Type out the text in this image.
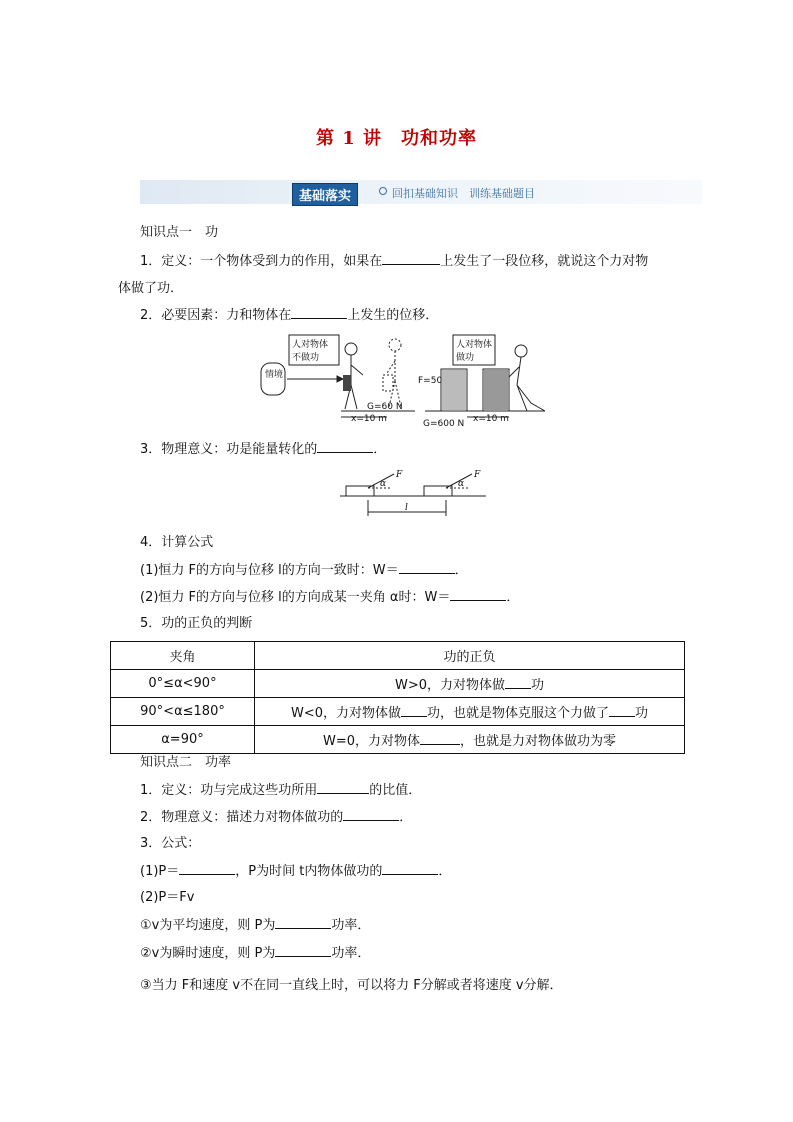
第 1 讲　功和功率
基础落实	回扣基础知识　训练基础题目
知识点一　功
1．定义：一个物体受到力的作用，如果在	上发生了一段位移，就说这个力对物
体做了功．
2．必要因素：力和物体在	上发生的位移．
情境
人对物体
不做功
人对物体
做功
G=60 N
x=10 m
F=50
G=600 N x=10 m
3．物理意义：功是能量转化的	．
F	F
α	α
l
4．计算公式
(1)恒力 F的方向与位移 l的方向一致时：W＝	．
(2)恒力 F的方向与位移 l的方向成某一夹角 α时：W＝	．
5．功的正负的判断
夹角	功的正负
0°≤α<90°	W>0，力对物体做 功
90°<α≤180°	W<0，力对物体做 功，也就是物体克服这个力做了 功
α=90°	W=0，力对物体 ，也就是力对物体做功为零
知识点二　功率
1．定义：功与完成这些功所用	的比值．
2．物理意义：描述力对物体做功的	．
3．公式：
(1)P＝	，P为时间 t内物体做功的	．
(2)P＝Fv
①v为平均速度，则 P为	功率．
②v为瞬时速度，则 P为	功率．
③当力 F和速度 v不在同一直线上时，可以将力 F分解或者将速度 v分解．
